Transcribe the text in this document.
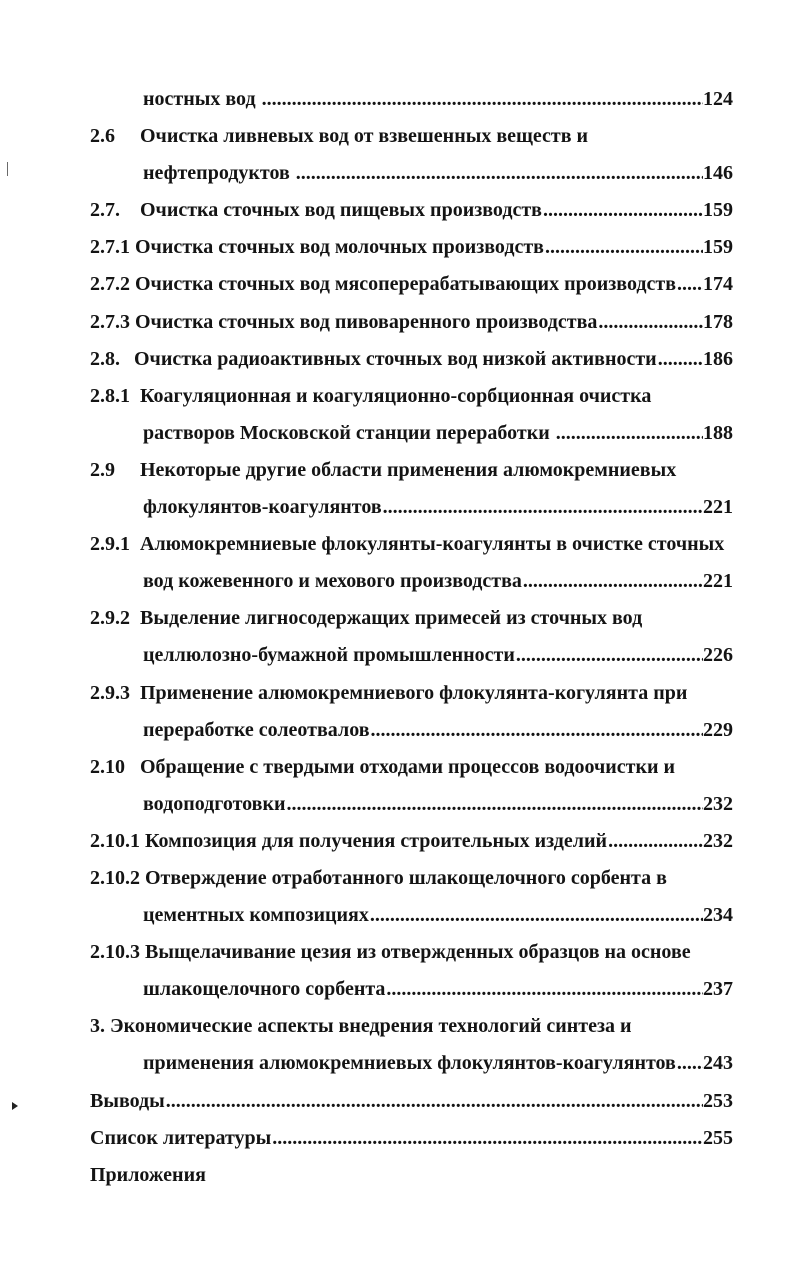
ностных вод .....	124
2.6	Очистка ливневых вод от взвешенных веществ и
нефтепродуктов .....	146
2.7.	Очистка сточных вод пищевых производств .....	159
2.7.1 Очистка сточных вод молочных производств .....	159
2.7.2 Очистка сточных вод мясоперерабатывающих производств ..... 174
2.7.3 Очистка сточных вод пивоваренного производства .....	178
2.8. Очистка радиоактивных сточных вод низкой активности ..... 186
2.8.1 Коагуляционная и коагуляционно-сорбционная очистка
растворов Московской станции переработки .....	188
2.9	Некоторые другие области применения алюмокремниевых
флокулянтов-коагулянтов .....	221
2.9.1 Алюмокремниевые флокулянты-коагулянты в очистке сточных
вод кожевенного и мехового производства .....	221
2.9.2 Выделение лигносодержащих примесей из сточных вод
целлюлозно-бумажной промышленности .....	226
2.9.3 Применение алюмокремниевого флокулянта-когулянта при
переработке солеотвалов .....	229
2.10 Обращение с твердыми отходами процессов водоочистки и
водоподготовки .....	232
2.10.1 Композиция для получения строительных изделий .....	232
2.10.2 Отверждение отработанного шлакощелочного сорбента в
цементных композициях .....	234
2.10.3 Выщелачивание цезия из отвержденных образцов на основе
шлакощелочного сорбента .....	237
3. Экономические аспекты внедрения технологий синтеза и
применения алюмокремниевых флокулянтов-коагулянтов ..... 243
Выводы .....	253
Список литературы .....	255
Приложения
